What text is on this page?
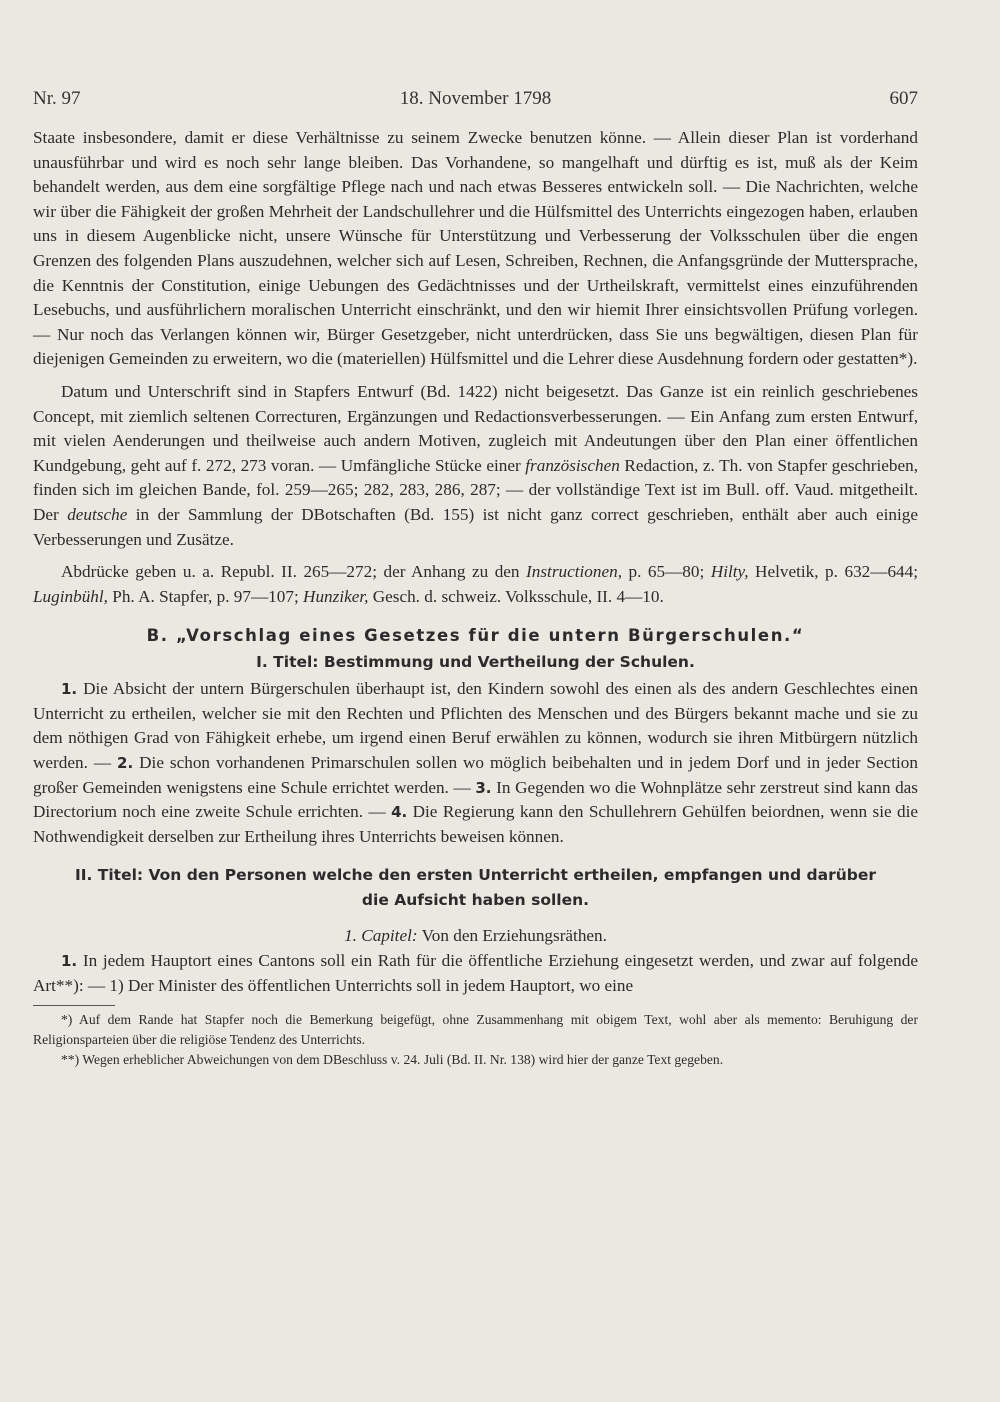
Nr. 97	18. November 1798	607

Staate insbesondere, damit er diese Verhältnisse zu seinem Zwecke benutzen könne. — Allein dieser Plan ist vorderhand unausführbar und wird es noch sehr lange bleiben. Das Vorhandene, so mangelhaft und dürftig es ist, muß als der Keim behandelt werden, aus dem eine sorgfältige Pflege nach und nach etwas Besseres entwickeln soll. — Die Nachrichten, welche wir über die Fähigkeit der großen Mehrheit der Landschullehrer und die Hülfsmittel des Unterrichts eingezogen haben, erlauben uns in diesem Augenblicke nicht, unsere Wünsche für Unterstützung und Verbesserung der Volksschulen über die engen Grenzen des folgenden Plans auszudehnen, welcher sich auf Lesen, Schreiben, Rechnen, die Anfangsgründe der Muttersprache, die Kenntnis der Constitution, einige Uebungen des Gedächtnisses und der Urtheilskraft, vermittelst eines einzuführenden Lesebuchs, und ausführlichern moralischen Unterricht einschränkt, und den wir hiemit Ihrer einsichtsvollen Prüfung vorlegen. — Nur noch das Verlangen können wir, Bürger Gesetzgeber, nicht unterdrücken, dass Sie uns begwältigen, diesen Plan für diejenigen Gemeinden zu erweitern, wo die (materiellen) Hülfsmittel und die Lehrer diese Ausdehnung fordern oder gestatten*).

Datum und Unterschrift sind in Stapfers Entwurf (Bd. 1422) nicht beigesetzt. Das Ganze ist ein reinlich geschriebenes Concept, mit ziemlich seltenen Correcturen, Ergänzungen und Redactionsverbesserungen. — Ein Anfang zum ersten Entwurf, mit vielen Aenderungen und theilweise auch andern Motiven, zugleich mit Andeutungen über den Plan einer öffentlichen Kundgebung, geht auf f. 272, 273 voran. — Umfängliche Stücke einer französischen Redaction, z. Th. von Stapfer geschrieben, finden sich im gleichen Bande, fol. 259—265; 282, 283, 286, 287; — der vollständige Text ist im Bull. off. Vaud. mitgetheilt. Der deutsche in der Sammlung der DBotschaften (Bd. 155) ist nicht ganz correct geschrieben, enthält aber auch einige Verbesserungen und Zusätze.

Abdrücke geben u. a. Republ. II. 265—272; der Anhang zu den Instructionen, p. 65—80; Hilty, Helvetik, p. 632—644; Luginbühl, Ph. A. Stapfer, p. 97—107; Hunziker, Gesch. d. schweiz. Volksschule, II. 4—10.

B. „Vorschlag eines Gesetzes für die untern Bürgerschulen.“
I. Titel: Bestimmung und Vertheilung der Schulen.

1. Die Absicht der untern Bürgerschulen überhaupt ist, den Kindern sowohl des einen als des andern Geschlechtes einen Unterricht zu ertheilen, welcher sie mit den Rechten und Pflichten des Menschen und des Bürgers bekannt mache und sie zu dem nöthigen Grad von Fähigkeit erhebe, um irgend einen Beruf erwählen zu können, wodurch sie ihren Mitbürgern nützlich werden. — 2. Die schon vorhandenen Primarschulen sollen wo möglich beibehalten und in jedem Dorf und in jeder Section großer Gemeinden wenigstens eine Schule errichtet werden. — 3. In Gegenden wo die Wohnplätze sehr zerstreut sind kann das Directorium noch eine zweite Schule errichten. — 4. Die Regierung kann den Schullehrern Gehülfen beiordnen, wenn sie die Nothwendigkeit derselben zur Ertheilung ihres Unterrichts beweisen können.

II. Titel: Von den Personen welche den ersten Unterricht ertheilen, empfangen und darüber
die Aufsicht haben sollen.
1. Capitel: Von den Erziehungsräthen.

1. In jedem Hauptort eines Cantons soll ein Rath für die öffentliche Erziehung eingesetzt werden, und zwar auf folgende Art**): — 1) Der Minister des öffentlichen Unterrichts soll in jedem Hauptort, wo eine

*) Auf dem Rande hat Stapfer noch die Bemerkung beigefügt, ohne Zusammenhang mit obigem Text, wohl aber als memento: Beruhigung der Religionsparteien über die religiöse Tendenz des Unterrichts.

**) Wegen erheblicher Abweichungen von dem DBeschluss v. 24. Juli (Bd. II. Nr. 138) wird hier der ganze Text gegeben.
